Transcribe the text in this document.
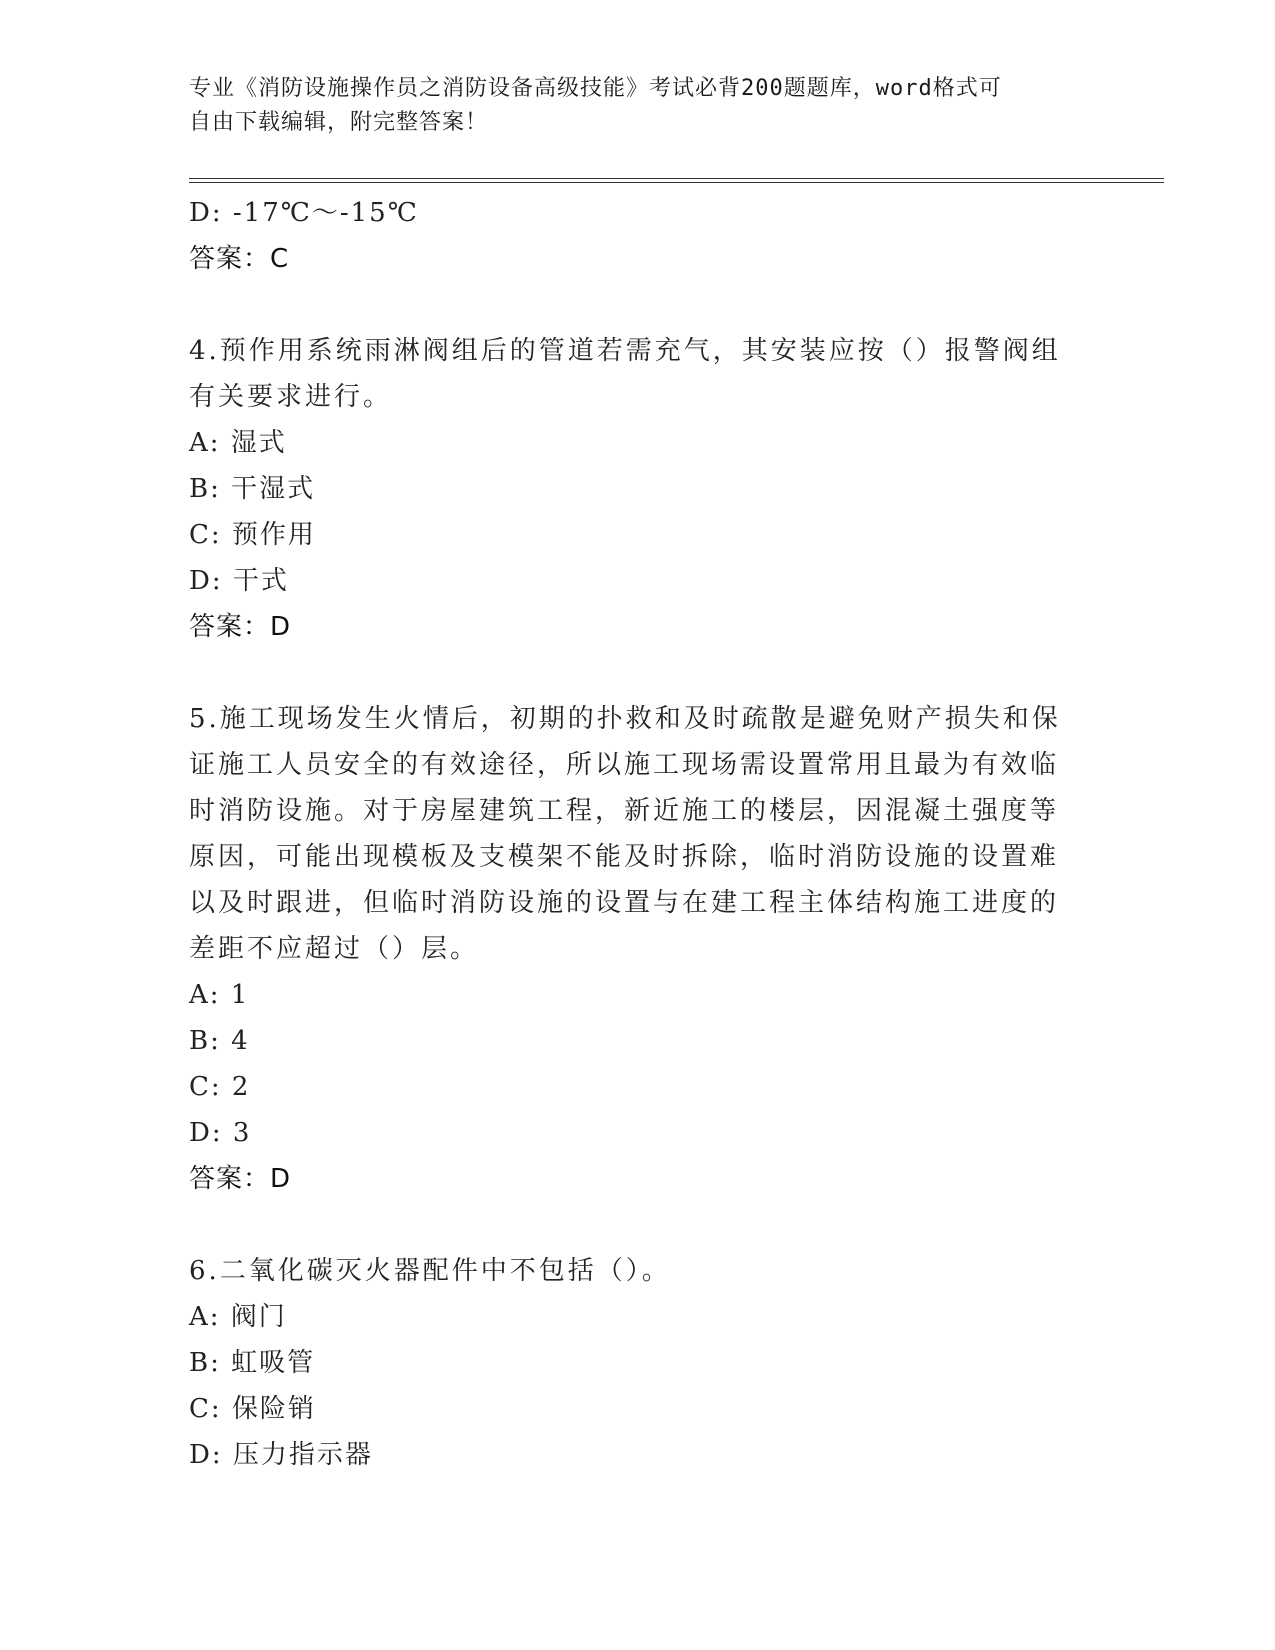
专业《消防设施操作员之消防设备高级技能》考试必背200题题库，word格式可
自由下载编辑，附完整答案！
D: -17℃～-15℃
答案：C
4.预作用系统雨淋阀组后的管道若需充气，其安装应按（）报警阀组
有关要求进行。
A: 湿式
B: 干湿式
C: 预作用
D: 干式
答案：D
5.施工现场发生火情后，初期的扑救和及时疏散是避免财产损失和保
证施工人员安全的有效途径，所以施工现场需设置常用且最为有效临
时消防设施。对于房屋建筑工程，新近施工的楼层，因混凝土强度等
原因，可能出现模板及支模架不能及时拆除，临时消防设施的设置难
以及时跟进，但临时消防设施的设置与在建工程主体结构施工进度的
差距不应超过（）层。
A: 1
B: 4
C: 2
D: 3
答案：D
6.二氧化碳灭火器配件中不包括（）。
A: 阀门
B: 虹吸管
C: 保险销
D: 压力指示器
